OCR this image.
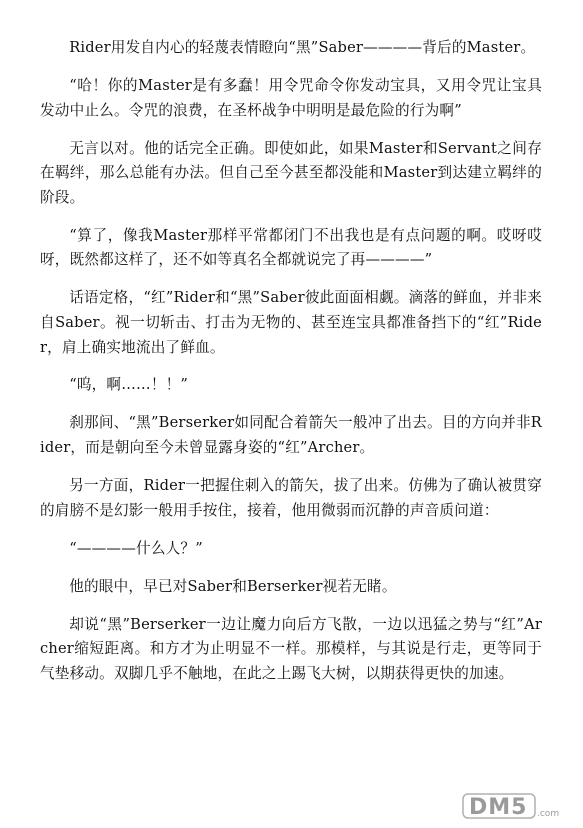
Rider用发自内心的轻蔑表情瞪向“黑”Saber————背后的Master。

“哈！你的Master是有多蠢！用令咒命令你发动宝具，又用令咒让宝具发动中止么。令咒的浪费，在圣杯战争中明明是最危险的行为啊”

无言以对。他的话完全正确。即使如此，如果Master和Servant之间存在羁绊，那么总能有办法。但自己至今甚至都没能和Master到达建立羁绊的阶段。

“算了，像我Master那样平常都闭门不出我也是有点问题的啊。哎呀哎呀，既然都这样了，还不如等真名全都就说完了再————”

话语定格，“红”Rider和“黑”Saber彼此面面相觑。滴落的鲜血，并非来自Saber。视一切斩击、打击为无物的、甚至连宝具都准备挡下的“红”Rider，肩上确实地流出了鲜血。

“呜，啊……！！”

刹那间、“黑”Berserker如同配合着箭矢一般冲了出去。目的方向并非Rider，而是朝向至今未曾显露身姿的“红”Archer。

另一方面，Rider一把握住刺入的箭矢，拔了出来。仿佛为了确认被贯穿的肩膀不是幻影一般用手按住，接着，他用微弱而沉静的声音质问道：

“————什么人？”

他的眼中，早已对Saber和Berserker视若无睹。

却说“黑”Berserker一边让魔力向后方飞散，一边以迅猛之势与“红”Archer缩短距离。和方才为止明显不一样。那模样，与其说是行走，更等同于气垫移动。双脚几乎不触地，在此之上踢飞大树，以期获得更快的加速。

DM5 .com
